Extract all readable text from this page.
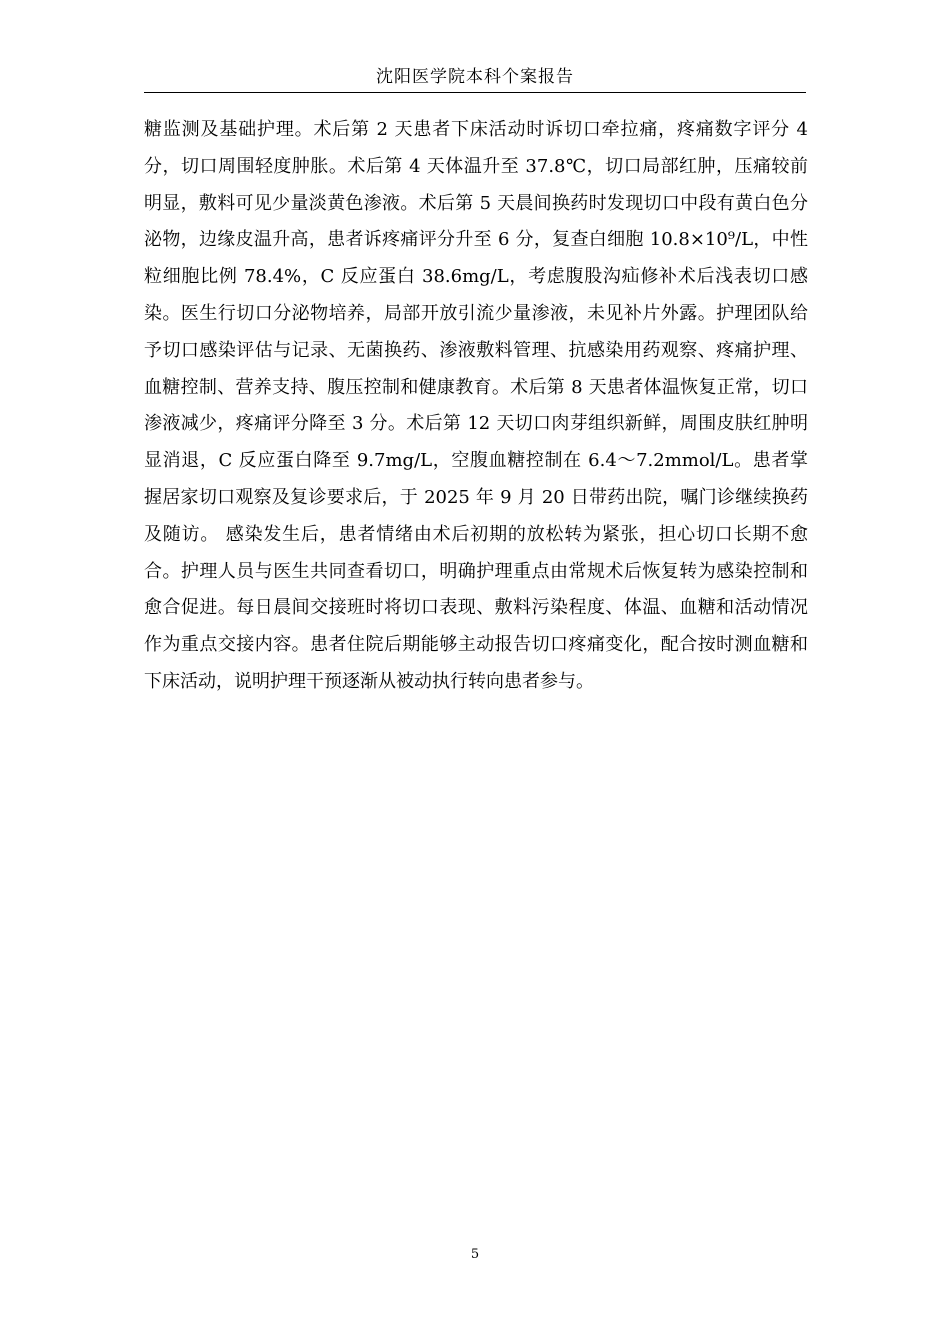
沈阳医学院本科个案报告

糖监测及基础护理。术后第 2 天患者下床活动时诉切口牵拉痛，疼痛数字评分 4 分，切口周围轻度肿胀。术后第 4 天体温升至 37.8℃，切口局部红肿，压痛较前明显，敷料可见少量淡黄色渗液。术后第 5 天晨间换药时发现切口中段有黄白色分泌物，边缘皮温升高，患者诉疼痛评分升至 6 分，复查白细胞 10.8×10⁹/L，中性粒细胞比例 78.4%，C 反应蛋白 38.6mg/L，考虑腹股沟疝修补术后浅表切口感染。医生行切口分泌物培养，局部开放引流少量渗液，未见补片外露。护理团队给予切口感染评估与记录、无菌换药、渗液敷料管理、抗感染用药观察、疼痛护理、血糖控制、营养支持、腹压控制和健康教育。术后第 8 天患者体温恢复正常，切口渗液减少，疼痛评分降至 3 分。术后第 12 天切口肉芽组织新鲜，周围皮肤红肿明显消退，C 反应蛋白降至 9.7mg/L，空腹血糖控制在 6.4～7.2mmol/L。患者掌握居家切口观察及复诊要求后，于 2025 年 9 月 20 日带药出院，嘱门诊继续换药及随访。 感染发生后，患者情绪由术后初期的放松转为紧张，担心切口长期不愈合。护理人员与医生共同查看切口，明确护理重点由常规术后恢复转为感染控制和愈合促进。每日晨间交接班时将切口表现、敷料污染程度、体温、血糖和活动情况作为重点交接内容。患者住院后期能够主动报告切口疼痛变化，配合按时测血糖和下床活动，说明护理干预逐渐从被动执行转向患者参与。

5
